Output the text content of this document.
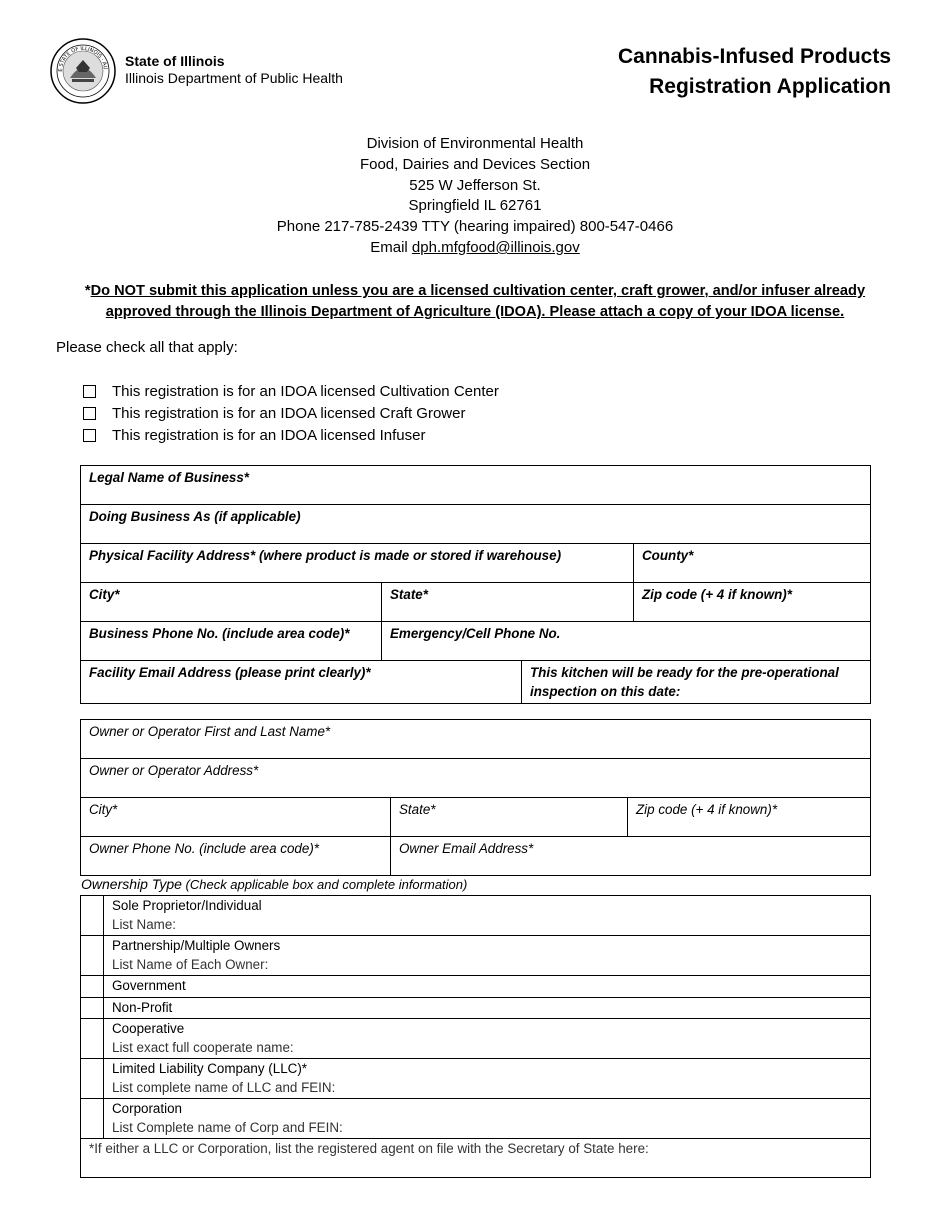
E STATE OF ILLINOIS · AU State of Illinois
Illinois Department of Public Health
Cannabis-Infused Products
Registration Application
Division of Environmental Health
Food, Dairies and Devices Section
525 W Jefferson St.
Springfield IL 62761
Phone 217-785-2439 TTY (hearing impaired) 800-547-0466
Email dph.mfgfood@illinois.gov
*Do NOT submit this application unless you are a licensed cultivation center, craft grower, and/or infuser already approved through the Illinois Department of Agriculture (IDOA). Please attach a copy of your IDOA license.
Please check all that apply:
This registration is for an IDOA licensed Cultivation Center
This registration is for an IDOA licensed Craft Grower
This registration is for an IDOA licensed Infuser
Legal Name of Business*			
Doing Business As (if applicable)			
Physical Facility Address* (where product is made or stored if warehouse)			County*
City*	State*		Zip code (+ 4 if known)*
Business Phone No. (include area code)*	Emergency/Cell Phone No.		
Facility Email Address (please print clearly)*		This kitchen will be ready for the pre-operational inspection on this date:	
Owner or Operator First and Last Name*		
Owner or Operator Address*		
City*	State*	Zip code (+ 4 if known)*
Owner Phone No. (include area code)*	Owner Email Address*	
Ownership Type (Check applicable box and complete information)

	Sole Proprietor/Individual
List Name:

	Partnership/Multiple Owners
List Name of Each Owner:

	Government

	Non-Profit

	Cooperative
List exact full cooperate name:

	Limited Liability Company (LLC)*
List complete name of LLC and FEIN:

	Corporation
List Complete name of Corp and FEIN:

*If either a LLC or Corporation, list the registered agent on file with the Secretary of State here:	
